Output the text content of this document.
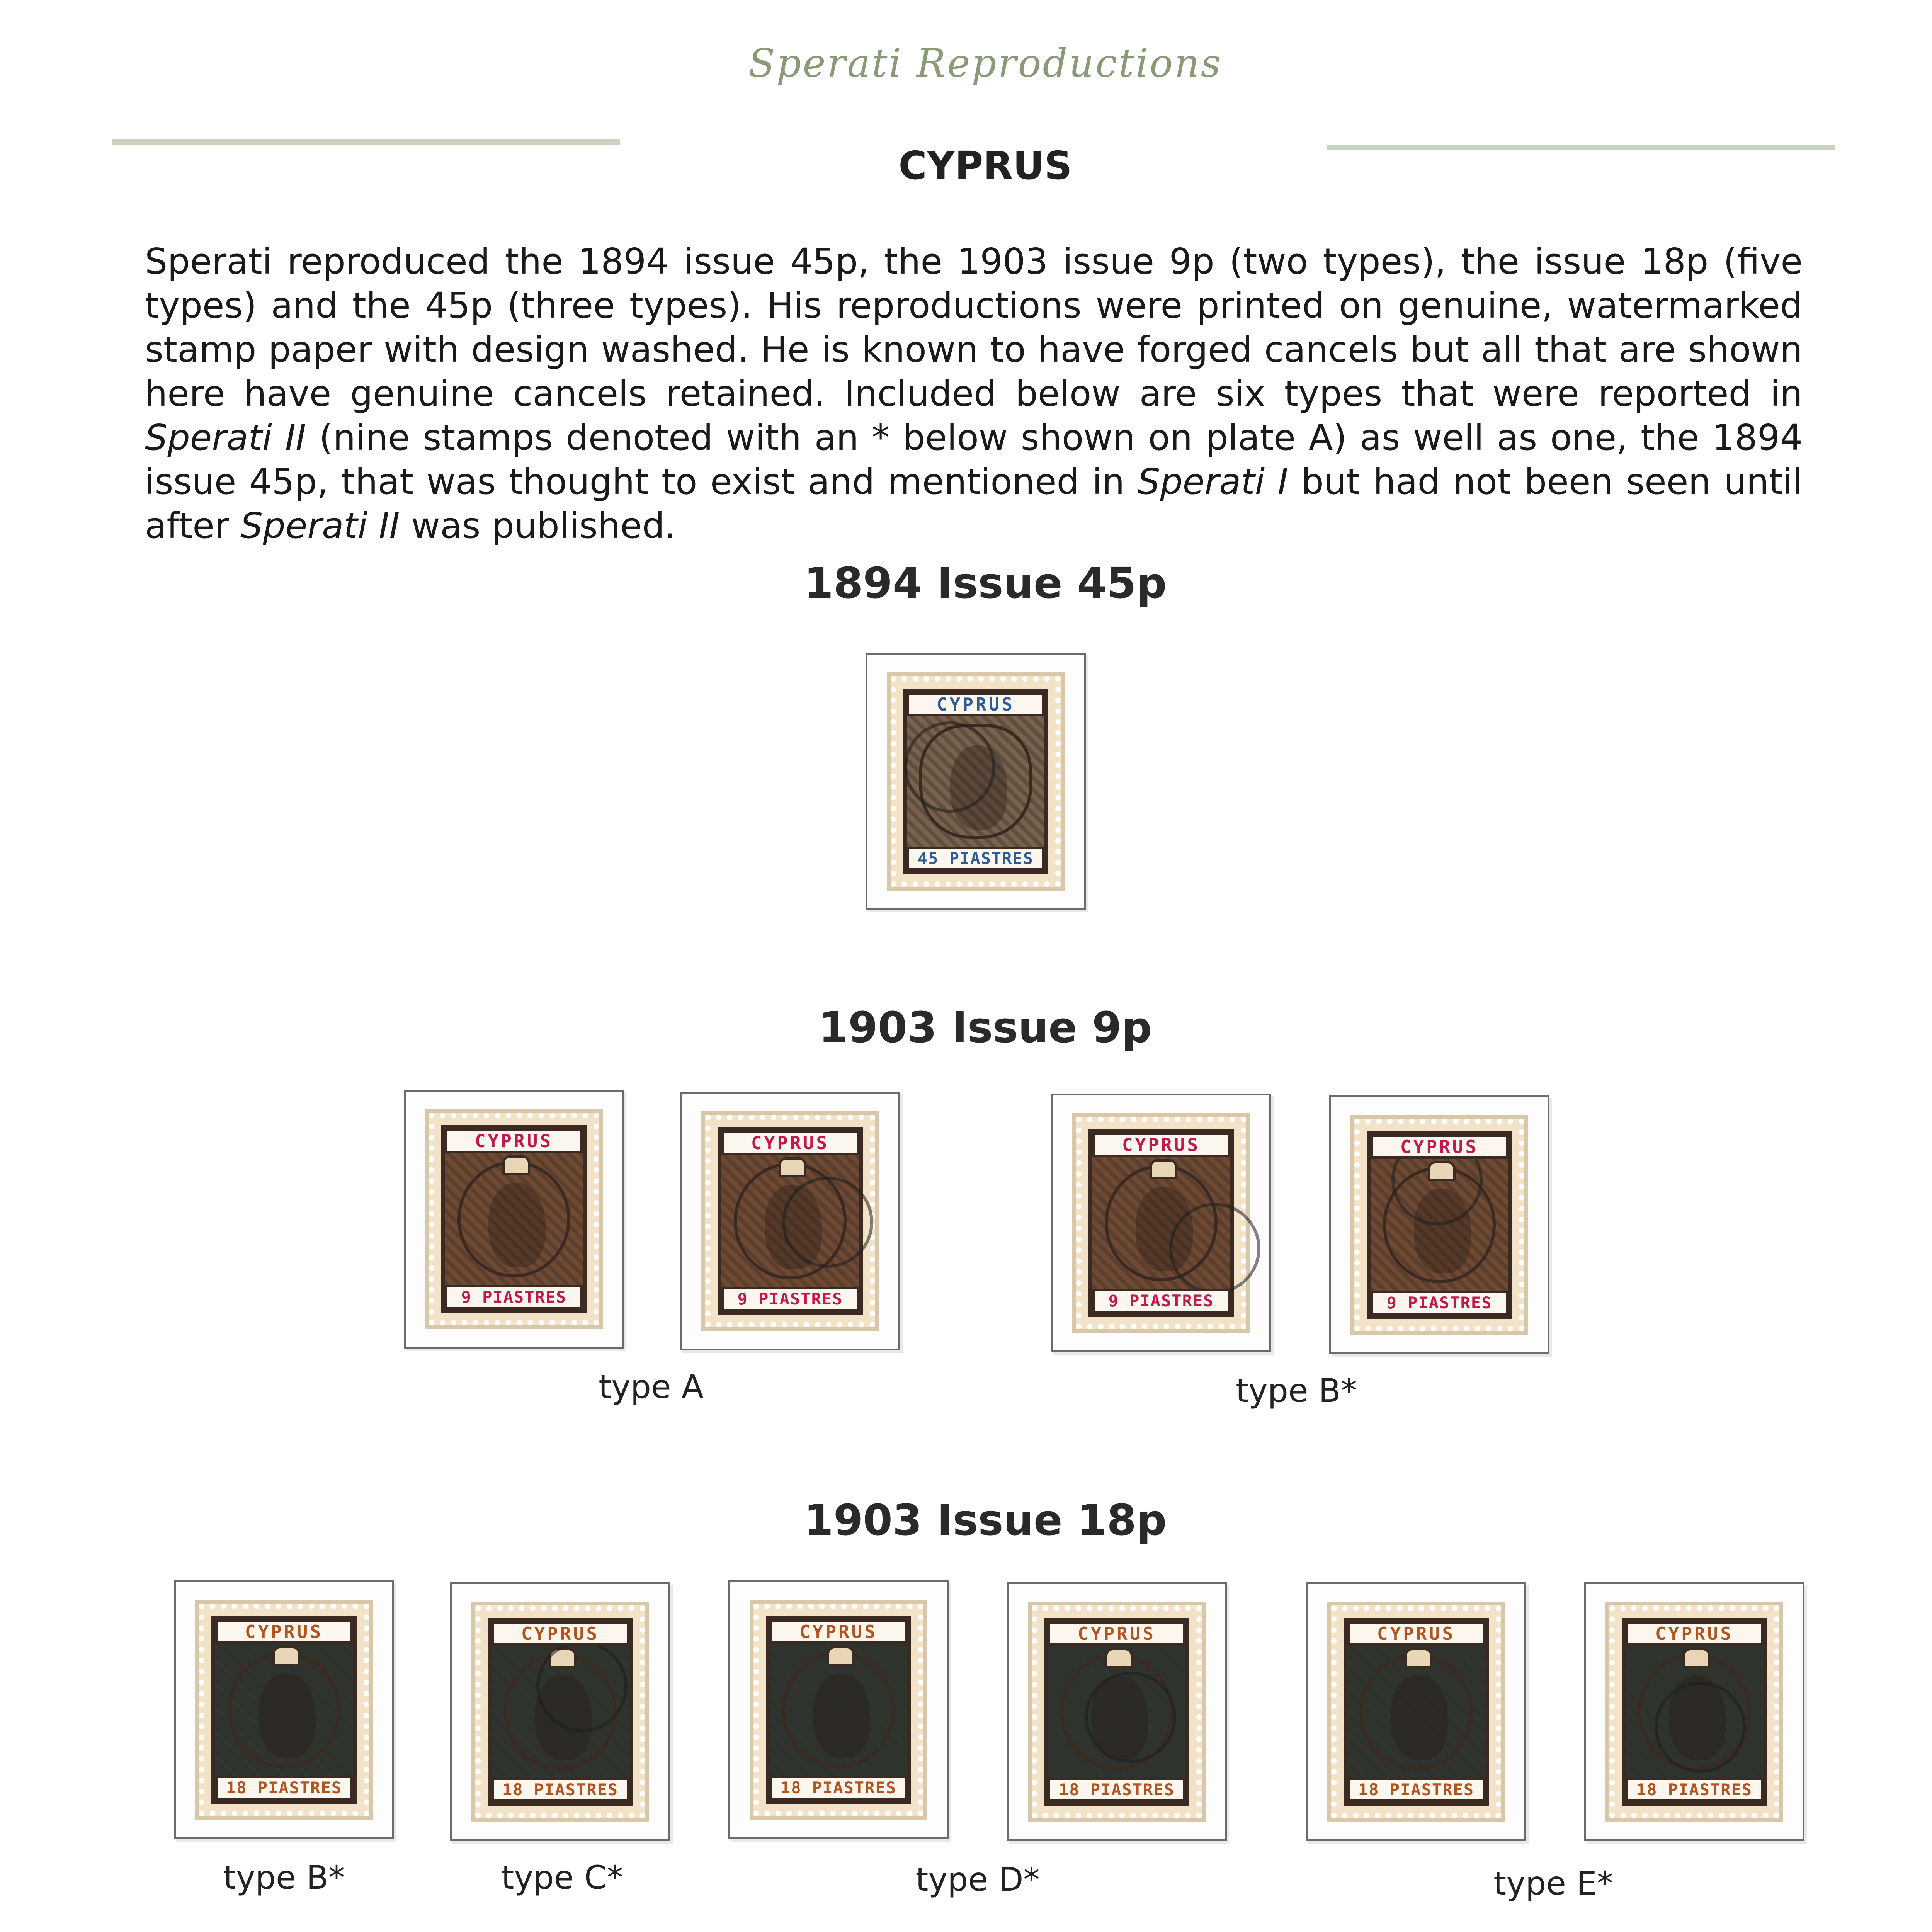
Sperati Reproductions
CYPRUS
Sperati reproduced the 1894 issue 45p, the 1903 issue 9p (two types), the issue 18p (five types) and the 45p (three types). His reproductions were printed on genuine, watermarked stamp paper with design washed. He is known to have forged cancels but all that are shown here have genuine cancels retained. Included below are six types that were reported in Sperati II (nine stamps denoted with an * below shown on plate A) as well as one, the 1894 issue 45p, that was thought to exist and mentioned in Sperati I but had not been seen until after Sperati II was published.
1894 Issue 45p
CYPRUS
45 PIASTRES
1903 Issue 9p
CYPRUS
9 PIASTRES
CYPRUS
9 PIASTRES
CYPRUS
9 PIASTRES
CYPRUS
9 PIASTRES
type A	type B*
1903 Issue 18p
CYPRUS
18 PIASTRES
CYPRUS
18 PIASTRES
CYPRUS
18 PIASTRES
CYPRUS
18 PIASTRES
CYPRUS
18 PIASTRES
CYPRUS
18 PIASTRES
type B*	type C*	type D*	type E*
